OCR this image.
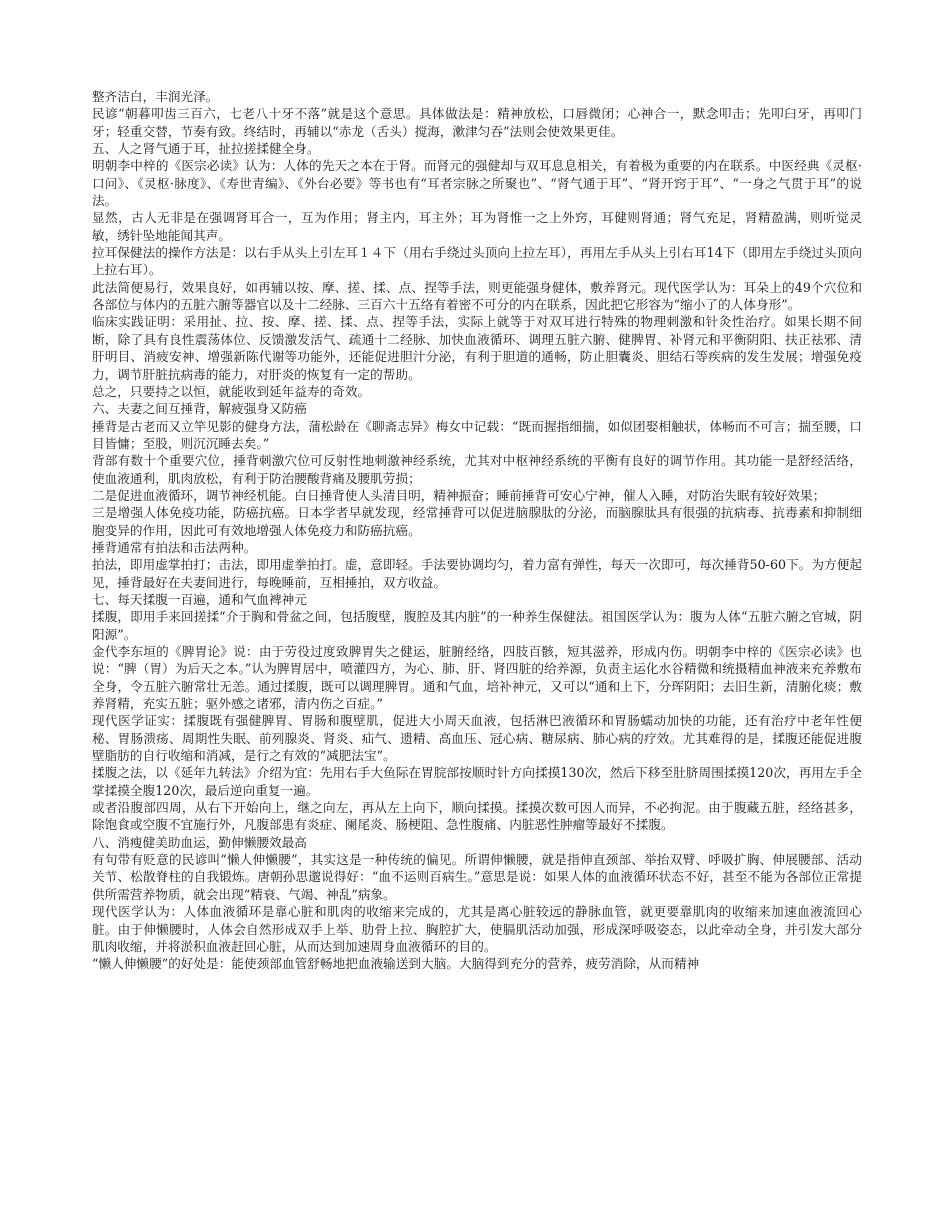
整齐洁白，丰润光泽。

民谚“朝暮叩齿三百六，七老八十牙不落”就是这个意思。具体做法是：精神放松，口唇微闭；心神合一，默念叩击；先叩臼牙，再叩门牙；轻重交替，节奏有致。终结时，再辅以“赤龙（舌头）搅海，漱津匀吞”法则会使效果更佳。

五、人之肾气通于耳，扯拉搓揉健全身。

明朝李中梓的《医宗必读》认为：人体的先天之本在于肾。而肾元的强健却与双耳息息相关，有着极为重要的内在联系。中医经典《灵枢·口问》、《灵枢·脉度》、《寿世青编》、《外台必要》等书也有“耳者宗脉之所聚也”、“肾气通于耳”、“肾开窍于耳”、“一身之气贯于耳”的说法。

显然，古人无非是在强调肾耳合一，互为作用；肾主内，耳主外；耳为肾惟一之上外窍，耳健则肾通；肾气充足，肾精盈满，则听觉灵敏，绣针坠地能闻其声。

拉耳保健法的操作方法是：以右手从头上引左耳１４下（用右手绕过头顶向上拉左耳），再用左手从头上引右耳14下（即用左手绕过头顶向上拉右耳）。

此法简便易行，效果良好，如再辅以按、摩、搓、揉、点、捏等手法，则更能强身健体，敷养肾元。现代医学认为：耳朵上的49个穴位和各部位与体内的五脏六腑等器官以及十二经脉、三百六十五络有着密不可分的内在联系，因此把它形容为“缩小了的人体身形”。

临床实践证明：采用扯、拉、按、摩、搓、揉、点、捏等手法，实际上就等于对双耳进行特殊的物理刺激和针灸性治疗。如果长期不间断，除了具有良性震荡体位、反馈激发活气、疏通十二经脉、加快血液循环、调理五脏六腑、健脾胃、补肾元和平衡阴阳、扶正祛邪、清肝明目、消疲安神、增强新陈代谢等功能外，还能促进胆汁分泌，有利于胆道的通畅，防止胆囊炎、胆结石等疾病的发生发展；增强免疫力，调节肝脏抗病毒的能力，对肝炎的恢复有一定的帮助。

总之，只要持之以恒，就能收到延年益寿的奇效。

六、夫妻之间互捶背，解疲强身又防癌

捶背是古老而又立竿见影的健身方法，蒲松龄在《聊斋志异》梅女中记载：“既而握指细揣，如似团娶相触状，体畅而不可言；揣至腰，口目皆慵；至股，则沉沉睡去矣。”

背部有数十个重要穴位，捶背刺激穴位可反射性地刺激神经系统，尤其对中枢神经系统的平衡有良好的调节作用。其功能一是舒经活络，使血液通利，肌肉放松，有利于防治腰酸背痛及腰肌劳损；

二是促进血液循环，调节神经机能。白日捶背使人头清目明，精神振奋；睡前捶背可安心宁神，催人入睡，对防治失眠有较好效果；

三是增强人体免疫功能，防癌抗癌。日本学者早就发现，经常捶背可以促进脑腺肽的分泌，而脑腺肽具有很强的抗病毒、抗毒素和抑制细胞变异的作用，因此可有效地增强人体免疫力和防癌抗癌。

捶背通常有拍法和击法两种。

拍法，即用虚掌拍打；击法，即用虚拳拍打。虚，意即轻。手法要协调均匀，着力富有弹性，每天一次即可，每次捶背50-60下。为方便起见，捶背最好在夫妻间进行，每晚睡前，互相捶拍，双方收益。

七、每天揉腹一百遍，通和气血裨神元

揉腹，即用手来回搓揉“介于胸和骨盆之间，包括腹壁，腹腔及其内脏”的一种养生保健法。祖国医学认为：腹为人体“五脏六腑之官城，阴阳源”。

金代李东垣的《脾胃论》说：由于劳役过度致脾胃失之健运，脏腑经络，四肢百骸，短其滋养，形成内伤。明朝李中梓的《医宗必读》也说：“脾（胃）为后天之本。”认为脾胃居中，喷灌四方，为心、肺、肝、肾四脏的给养源，负责主运化水谷精微和统摄精血神液来充养敷布全身，令五脏六腑常壮无恙。通过揉腹，既可以调理脾胃。通和气血，培补神元，又可以“通和上下，分珲阴阳；去旧生新，清腑化痰；敷养肾精，充实五脏；驱外感之诸邪，清内伤之百症。”

现代医学证实：揉腹既有强健脾胃、胃肠和腹壁肌，促进大小周天血液，包括淋巴液循环和胃肠蠕动加快的功能，还有治疗中老年性便秘、胃肠溃疡、周期性失眠、前列腺炎、肾炎、疝气、遗精、高血压、冠心病、糖尿病、肺心病的疗效。尤其难得的是，揉腹还能促进腹壁脂肪的自行收缩和消减，是行之有效的“减肥法宝”。

揉腹之法，以《延年九转法》介绍为宜：先用右手大鱼际在胃脘部按顺时针方向揉摸130次，然后下移至肚脐周围揉摸120次，再用左手全掌揉摸全腹120次，最后逆向重复一遍。

或者沿腹部四周，从右下开始向上，继之向左，再从左上向下，顺向揉摸。揉摸次数可因人而异，不必拘泥。由于腹藏五脏，经络甚多，除饱食或空腹不宜施行外，凡腹部患有炎症、阑尾炎、肠梗阻、急性腹痛、内脏恶性肿瘤等最好不揉腹。

八、消瘦健美助血运，勤伸懒腰效最高

有句带有贬意的民谚叫“懒人伸懒腰”，其实这是一种传统的偏见。所谓伸懒腰，就是指伸直颈部、举抬双臂、呼吸扩胸、伸展腰部、活动关节、松散脊柱的自我锻炼。唐朝孙思邈说得好：“血不运则百病生。”意思是说：如果人体的血液循环状态不好，甚至不能为各部位正常提供所需营养物质，就会出现“精衰、气竭、神乱”病象。

现代医学认为：人体血液循环是靠心脏和肌肉的收缩来完成的，尤其是离心脏较远的静脉血管，就更要靠肌肉的收缩来加速血液流回心脏。由于伸懒腰时，人体会自然形成双手上举、肋骨上拉、胸腔扩大，使膈肌活动加强，形成深呼吸姿态，以此牵动全身，并引发大部分肌肉收缩，并将淤积血液赶回心脏，从而达到加速周身血液循环的目的。

“懒人伸懒腰”的好处是：能使颈部血管舒畅地把血液输送到大脑。大脑得到充分的营养，疲劳消除，从而精神
